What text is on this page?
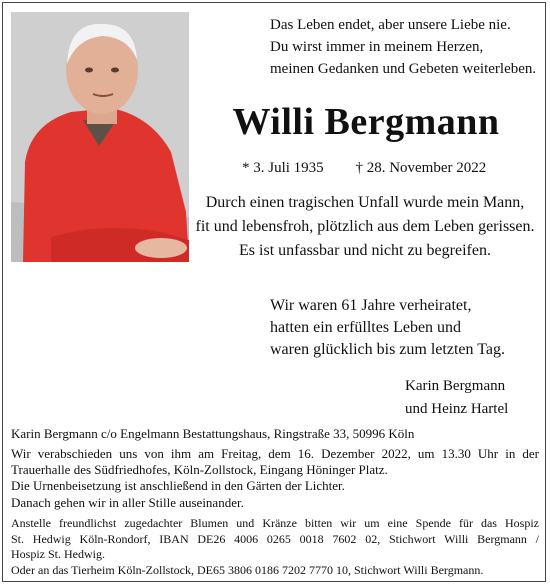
Das Leben endet, aber unsere Liebe nie.
Du wirst immer in meinem Herzen,
meinen Gedanken und Gebeten weiterleben.
Willi Bergmann
* 3. Juli 1935 † 28. November 2022
Durch einen tragischen Unfall wurde mein Mann,
fit und lebensfroh, plötzlich aus dem Leben gerissen.
Es ist unfassbar und nicht zu begreifen.
Wir waren 61 Jahre verheiratet,
hatten ein erfülltes Leben und
waren glücklich bis zum letzten Tag.
Karin Bergmann
und Heinz Hartel
Karin Bergmann c/o Engelmann Bestattungshaus, Ringstraße 33, 50996 Köln
Wir verabschieden uns von ihm am Freitag, dem 16. Dezember 2022, um 13.30 Uhr in der
Trauerhalle des Südfriedhofes, Köln-Zollstock, Eingang Höninger Platz.
Die Urnenbeisetzung ist anschließend in den Gärten der Lichter.
Danach gehen wir in aller Stille auseinander.
Anstelle freundlichst zugedachter Blumen und Kränze bitten wir um eine Spende für das Hospiz
St. Hedwig Köln-Rondorf, IBAN DE26 4006 0265 0018 7602 02, Stichwort Willi Bergmann /
Hospiz St. Hedwig.
Oder an das Tierheim Köln-Zollstock, DE65 3806 0186 7202 7770 10, Stichwort Willi Bergmann.
